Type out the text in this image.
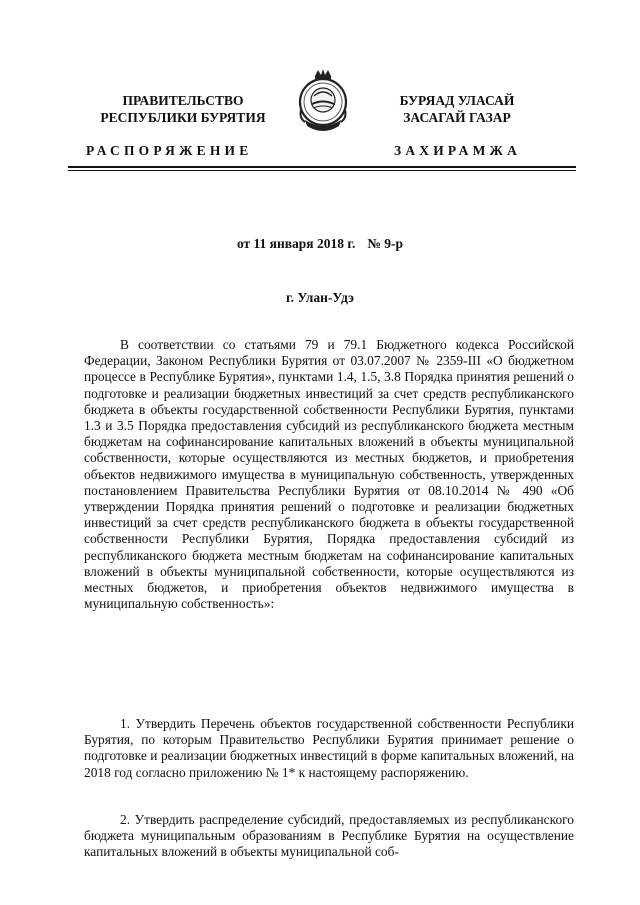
ПРАВИТЕЛЬСТВО
РЕСПУБЛИКИ БУРЯТИЯ
БУРЯАД УЛАСАЙ
ЗАСАГАЙ ГАЗАР
РАСПОРЯЖЕНИЕ	ЗАХИРАМЖА
от 11 января 2018 г. № 9-р
г. Улан-Удэ
В соответствии со статьями 79 и 79.1 Бюджетного кодекса Российской Федерации, Законом Республики Бурятия от 03.07.2007 № 2359-III «О бюджетном процессе в Республике Бурятия», пунктами 1.4, 1.5, 3.8 Порядка принятия решений о подготовке и реализации бюджетных инвестиций за счет средств республиканского бюджета в объекты государственной собственности Республики Бурятия, пунктами 1.3 и 3.5 Порядка предоставления субсидий из республиканского бюджета местным бюджетам на софинансирование капитальных вложений в объекты муниципальной собственности, которые осуществляются из местных бюджетов, и приобретения объектов недвижимого имущества в муниципальную собственность, утвержденных постановлением Правительства Республики Бурятия от 08.10.2014 № 490 «Об утверждении Порядка принятия решений о подготовке и реализации бюджетных инвестиций за счет средств республиканского бюджета в объекты государственной собственности Республики Бурятия, Порядка предоставления субсидий из республиканского бюджета местным бюджетам на софинансирование капитальных вложений в объекты муниципальной собственности, которые осуществляются из местных бюджетов, и приобретения объектов недвижимого имущества в муниципальную собственность»:
1. Утвердить Перечень объектов государственной собственности Республики Бурятия, по которым Правительство Республики Бурятия принимает решение о подготовке и реализации бюджетных инвестиций в форме капитальных вложений, на 2018 год согласно приложению № 1* к настоящему распоряжению.
2. Утвердить распределение субсидий, предоставляемых из республиканского бюджета муниципальным образованиям в Республике Бурятия на осуществление капитальных вложений в объекты муниципальной соб-
